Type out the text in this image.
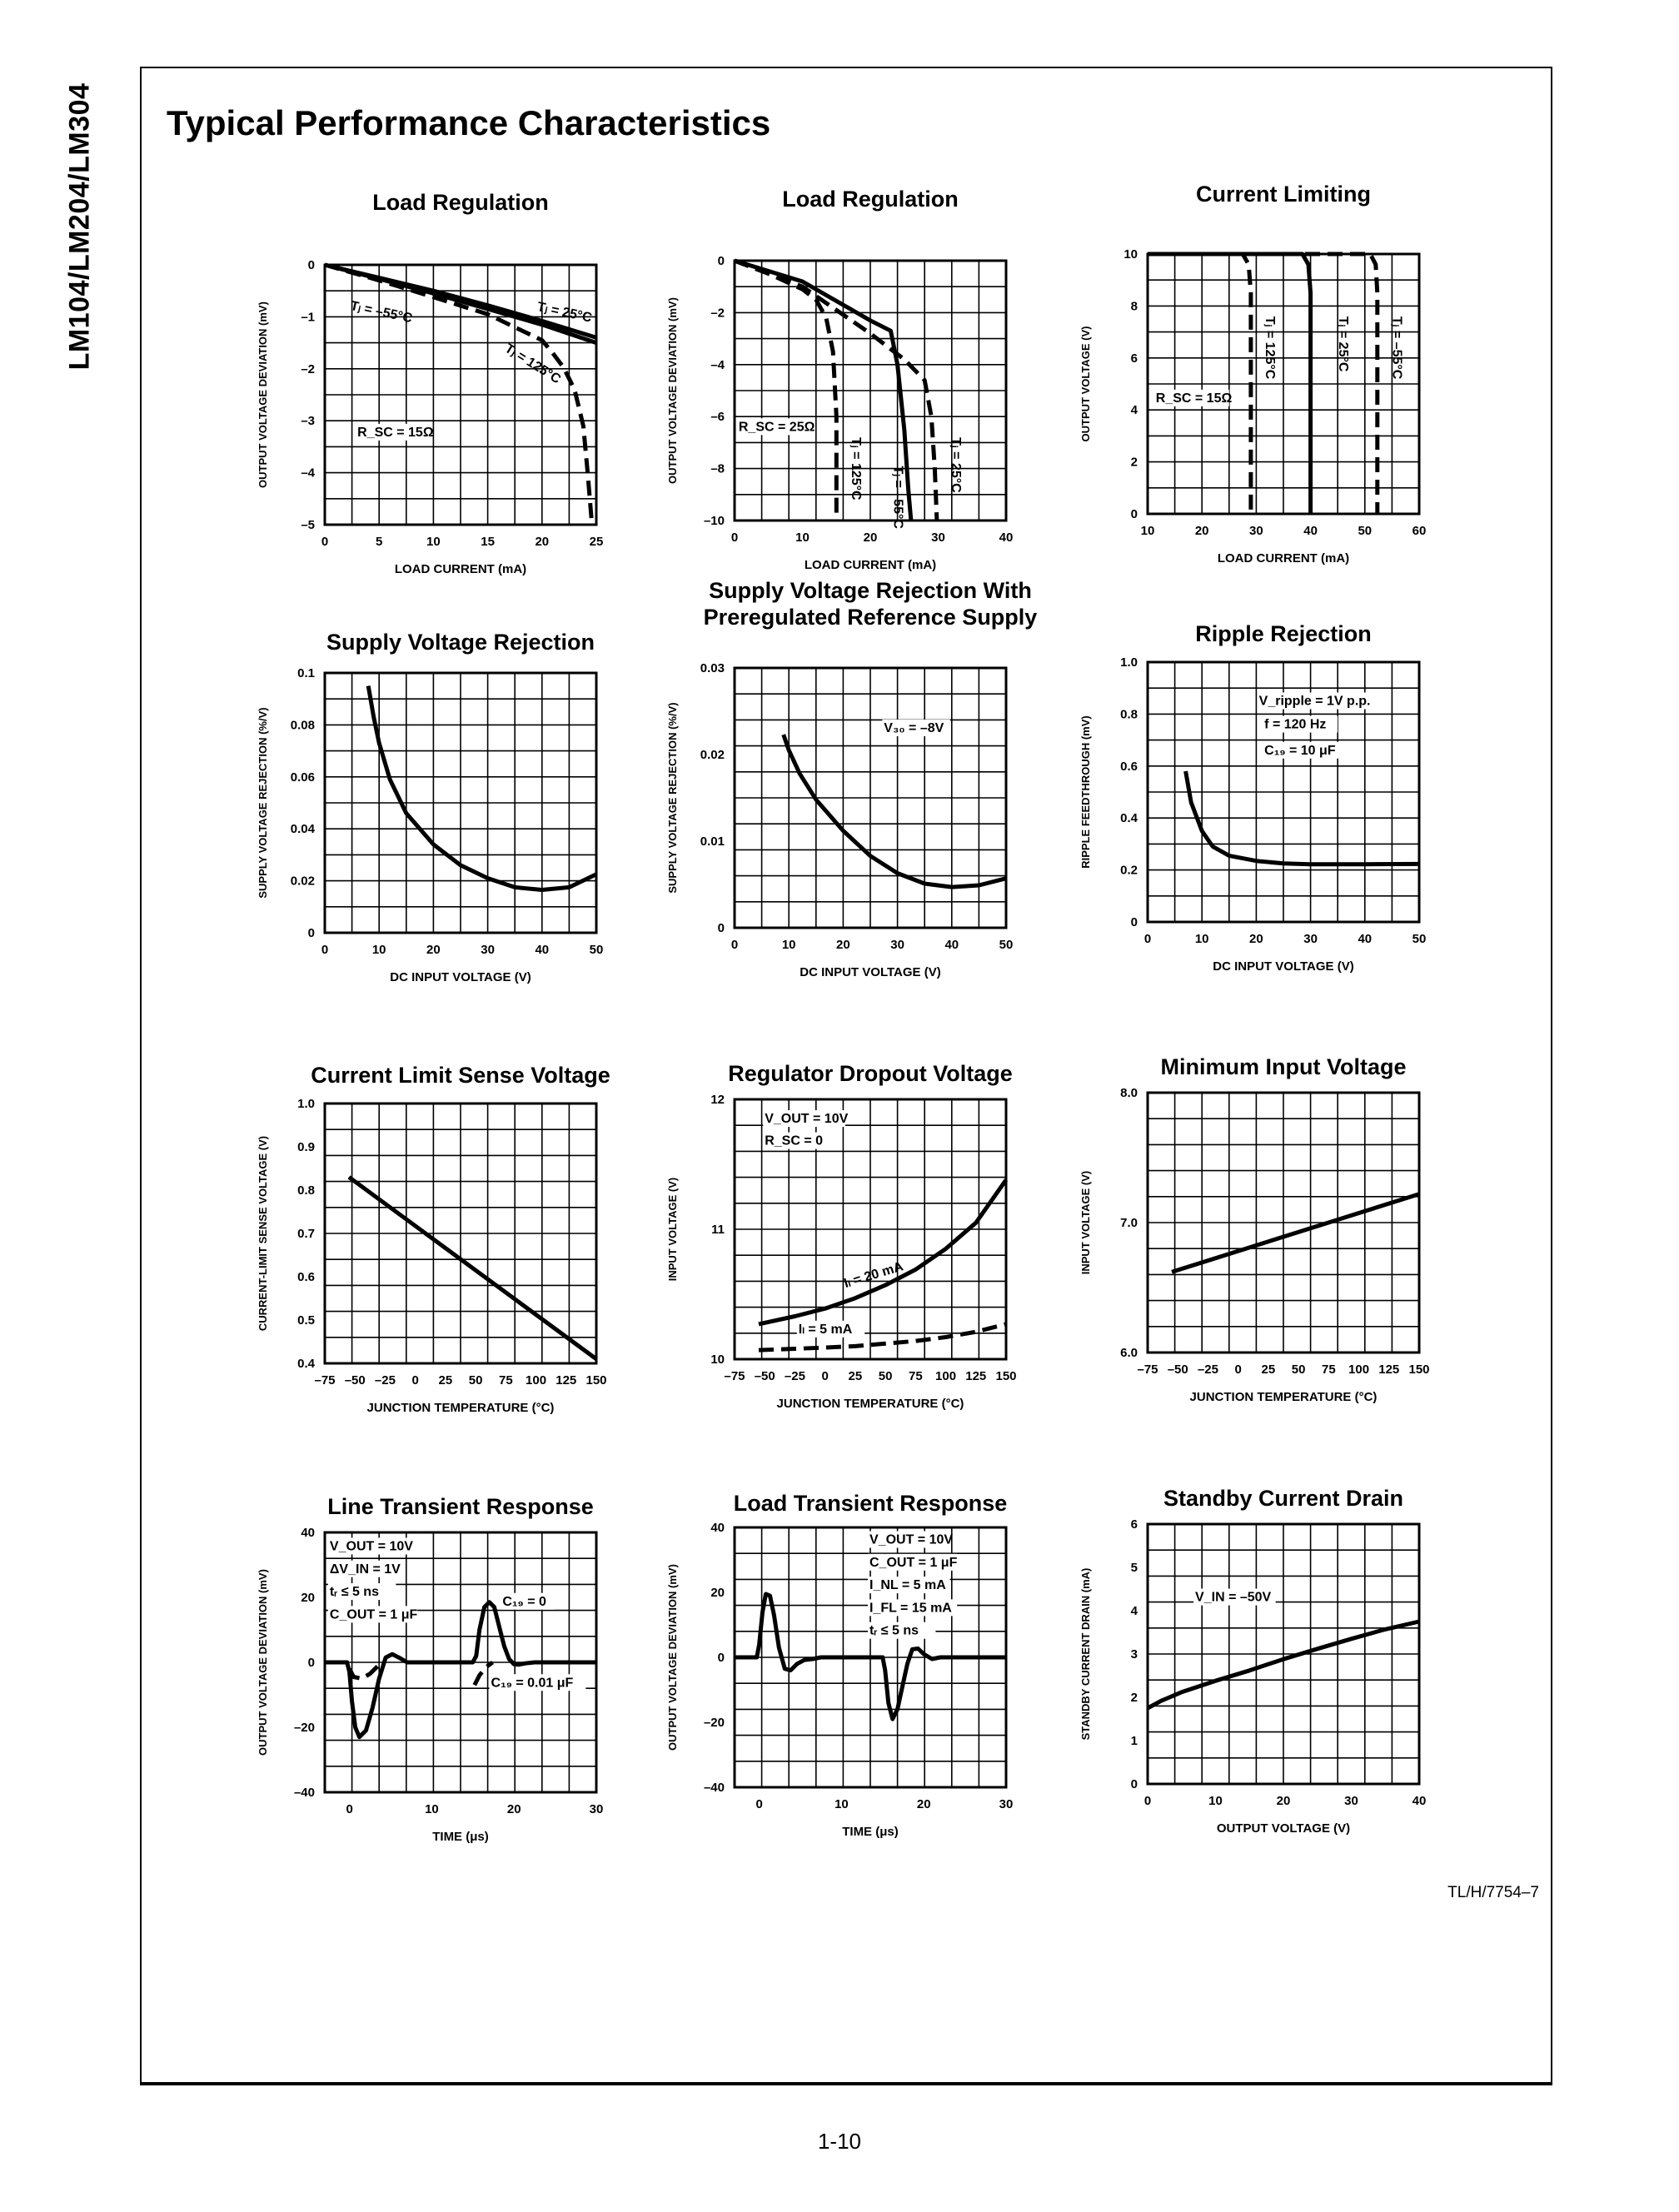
LM104/LM204/LM304 Typical Performance Characteristics
Load Regulation
0	5	10	15	20	25
0
–1
–2
–3
–4
–5
LOAD CURRENT (mA)
OUTPUT VOLTAGE DEVIATION (mV)	Tⱼ = –55°C	Tⱼ = 25°C
Tⱼ = 125°C
R_SC = 15Ω
Load Regulation
0	10	20	30	40
0
–2
–4
–6
–8
–10
LOAD CURRENT (mA)
OUTPUT VOLTAGE DEVIATION (mV)	R_SC = 25Ω
Tⱼ = 125°C	Tⱼ = 25°C
Tⱼ = –55°C
Current Limiting
10	20	30	40	50	60
0
2
4
6
8
10
LOAD CURRENT (mA)
OUTPUT VOLTAGE (V)	R_SC = 15Ω
Tⱼ = 125°C	Tⱼ = 25°C	Tⱼ = –55°C
Supply Voltage Rejection
0	10	20	30	40	50
0
0.02
0.04
0.06
0.08
0.1
DC INPUT VOLTAGE (V)
SUPPLY VOLTAGE REJECTION (%/V)
Supply Voltage Rejection With
Preregulated Reference Supply
0	10	20	30	40	50
0
0.01
0.02
0.03
DC INPUT VOLTAGE (V)
SUPPLY VOLTAGE REJECTION (%/V)	V₃₀ = –8V
Ripple Rejection
0	10	20	30	40	50
0
0.2
0.4
0.6
0.8
1.0
DC INPUT VOLTAGE (V)
RIPPLE FEEDTHROUGH (mV)
V_ripple = 1V p.p.
f = 120 Hz
C₁₉ = 10 μF
Current Limit Sense Voltage
–75 –50 –25 0 25 50 75 100 125 150
0.4
0.5
0.6
0.7
0.8
0.9
1.0
JUNCTION TEMPERATURE (°C)
CURRENT-LIMIT SENSE VOLTAGE (V)
Regulator Dropout Voltage
–75 –50 –25 0 25 50 75 100 125 150
10
11
12
JUNCTION TEMPERATURE (°C)
INPUT VOLTAGE (V)
V_OUT = 10V
R_SC = 0
Iₗ = 20 mA
Iₗ = 5 mA
Minimum Input Voltage
–75 –50 –25 0 25 50 75 100 125 150
6.0
7.0
8.0
JUNCTION TEMPERATURE (°C)
INPUT VOLTAGE (V)
Line Transient Response
0	10	20	30
–40
–20
0
20
40
TIME (μs)
OUTPUT VOLTAGE DEVIATION (mV)
V_OUT = 10V
ΔV_IN = 1V
tᵣ ≤ 5 ns
C_OUT = 1 μF
C₁₉ = 0
C₁₉ = 0.01 μF
Load Transient Response
0	10	20	30
–40
–20
0
20
40
TIME (μs)
OUTPUT VOLTAGE DEVIATION (mV)
V_OUT = 10V
C_OUT = 1 μF
I_NL = 5 mA
I_FL = 15 mA
tᵣ ≤ 5 ns
Standby Current Drain
0	10	20	30	40
0
1
2
3
4
5
6
OUTPUT VOLTAGE (V)
STANDBY CURRENT DRAIN (mA)	V_IN = –50V
TL/H/7754–7
1-10
